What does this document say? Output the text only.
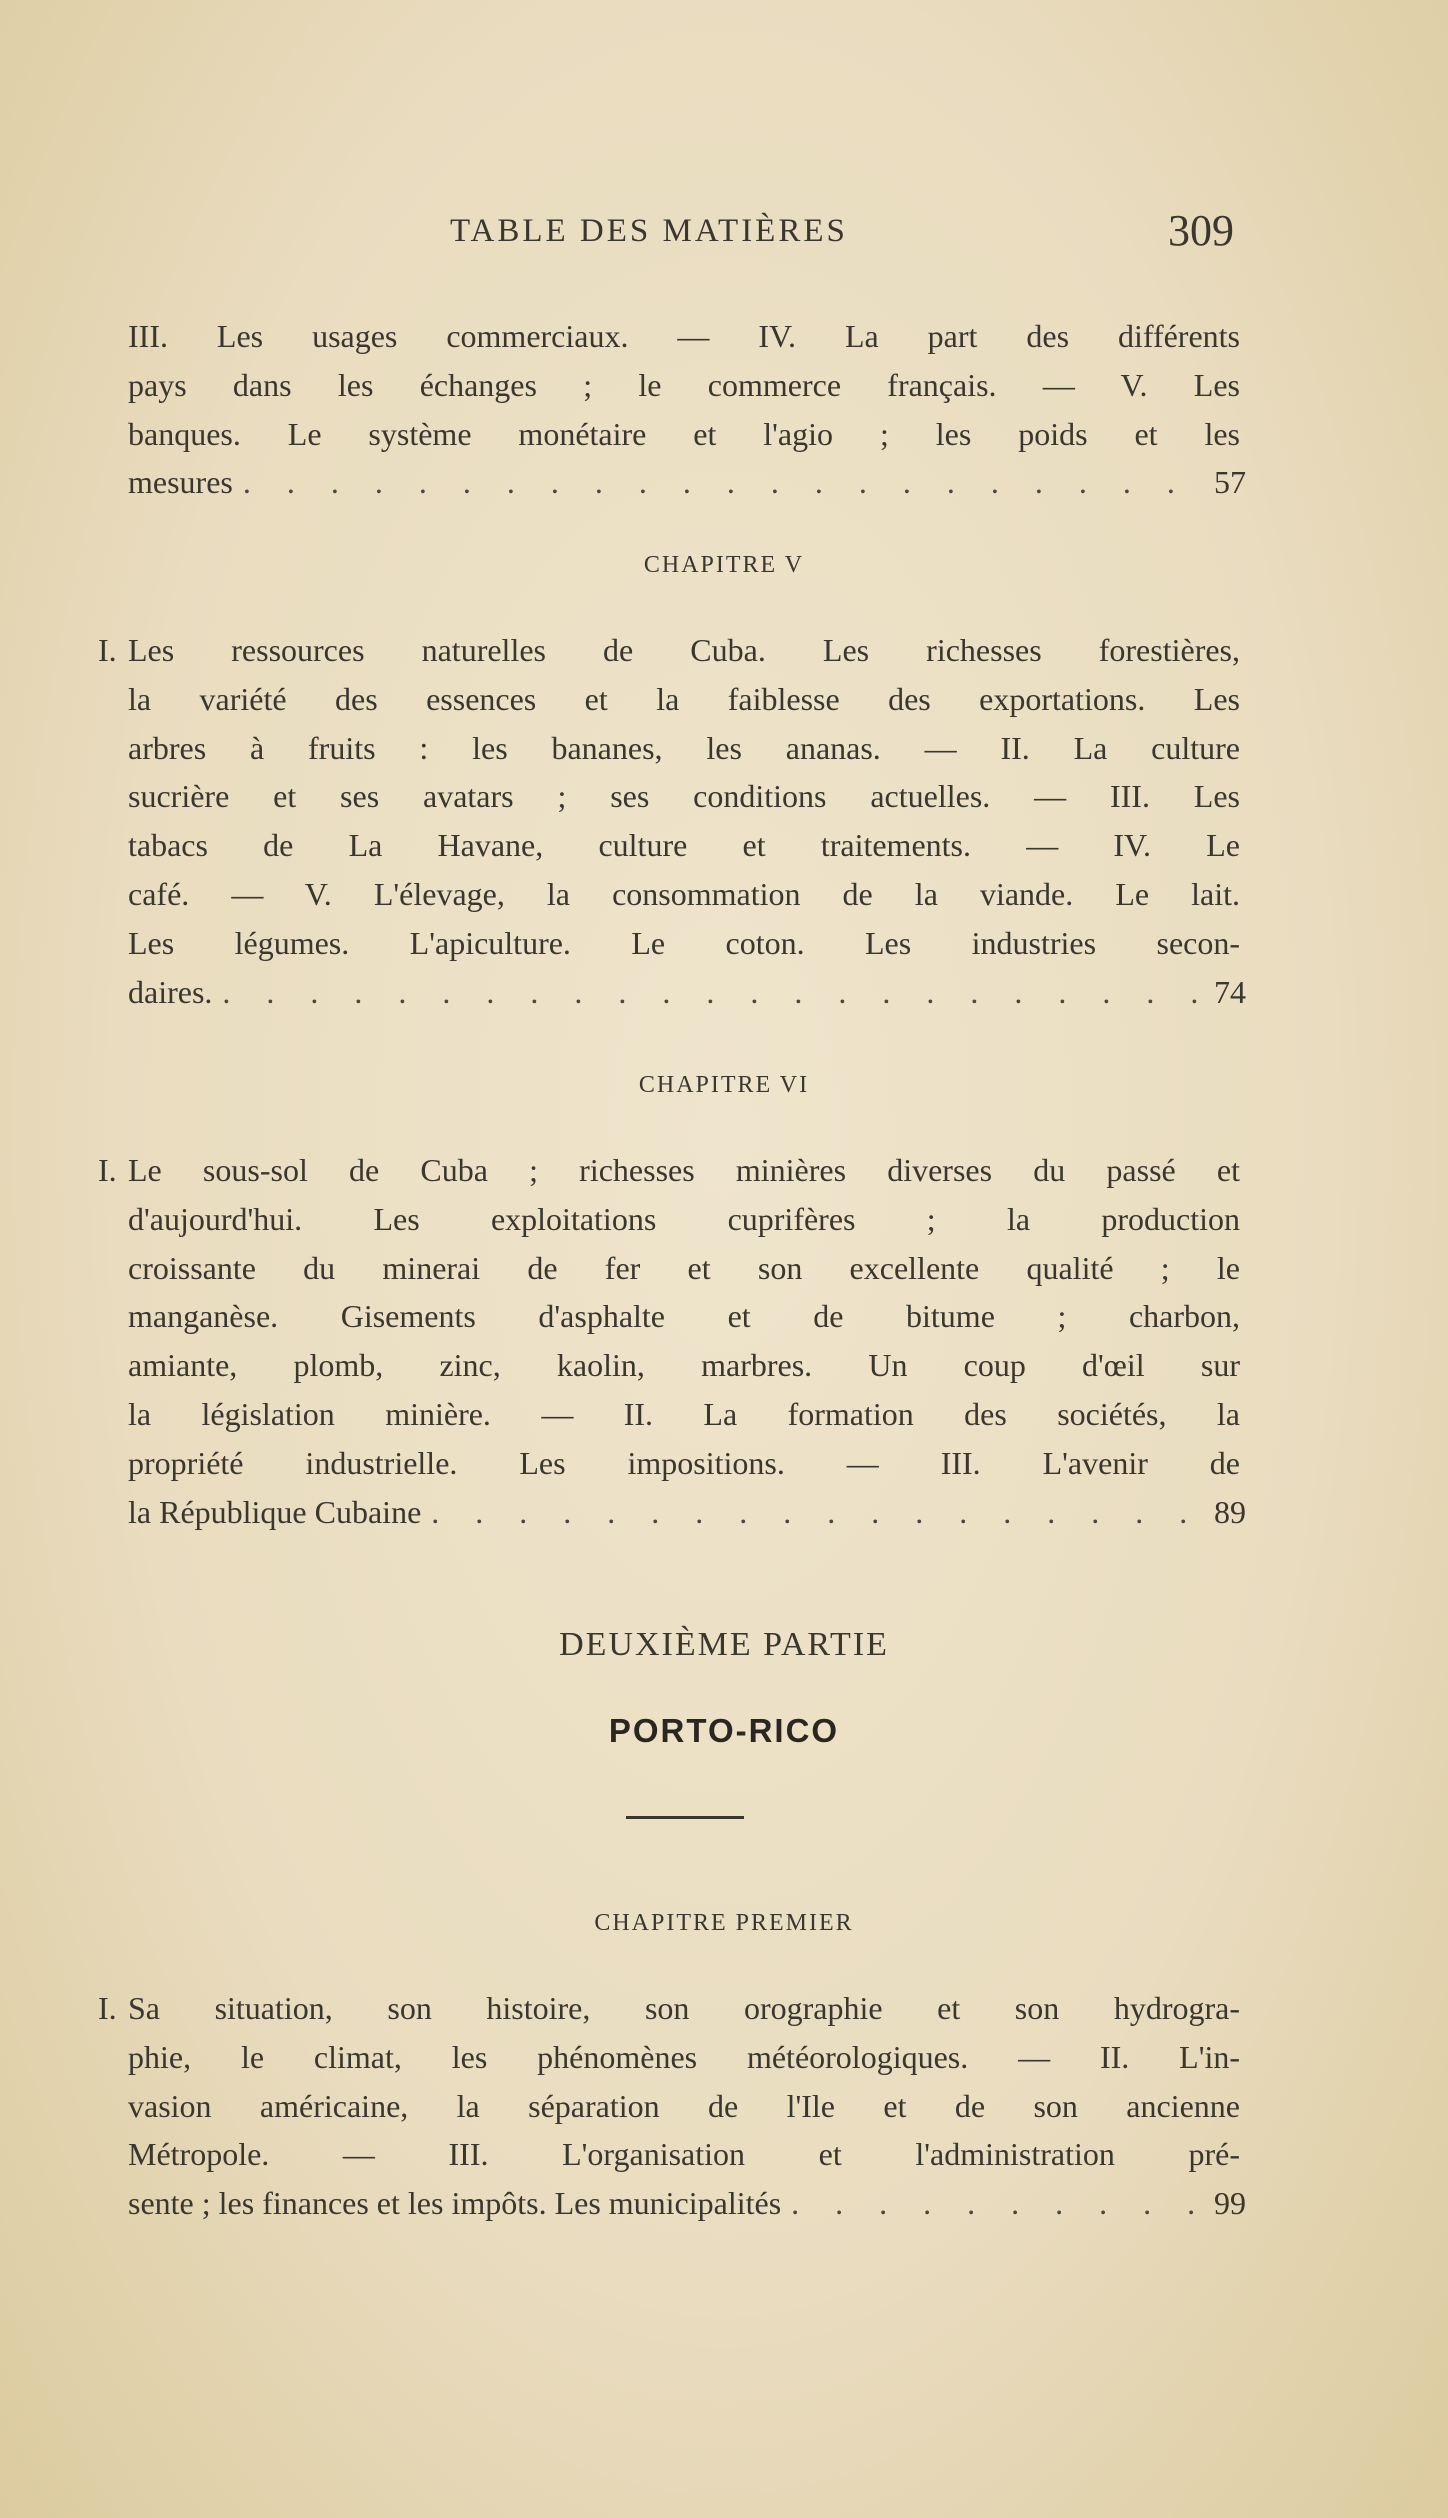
TABLE DES MATIÈRES	309
III. Les usages commerciaux. — IV. La part des différents
pays dans les échanges ; le commerce français. — V. Les
banques. Le système monétaire et l'agio ; les poids et les
mesures . . .	57
CHAPITRE V
I. Les ressources naturelles de Cuba. Les richesses forestières,
la variété des essences et la faiblesse des exportations. Les
arbres à fruits : les bananes, les ananas. — II. La culture
sucrière et ses avatars ; ses conditions actuelles. — III. Les
tabacs de La Havane, culture et traitements. — IV. Le
café. — V. L'élevage, la consommation de la viande. Le lait.
Les légumes. L'apiculture. Le coton. Les industries secon-
daires. . . .	74
CHAPITRE VI
I. Le sous-sol de Cuba ; richesses minières diverses du passé et
d'aujourd'hui. Les exploitations cuprifères ; la production
croissante du minerai de fer et son excellente qualité ; le
manganèse. Gisements d'asphalte et de bitume ; charbon,
amiante, plomb, zinc, kaolin, marbres. Un coup d'œil sur
la législation minière. — II. La formation des sociétés, la
propriété industrielle. Les impositions. — III. L'avenir de
la République Cubaine . . .	89
DEUXIÈME PARTIE
PORTO-RICO
CHAPITRE PREMIER
I. Sa situation, son histoire, son orographie et son hydrogra-
phie, le climat, les phénomènes météorologiques. — II. L'in-
vasion américaine, la séparation de l'Ile et de son ancienne
Métropole. — III. L'organisation et l'administration pré-
sente ; les finances et les impôts. Les municipalités . . .	99
